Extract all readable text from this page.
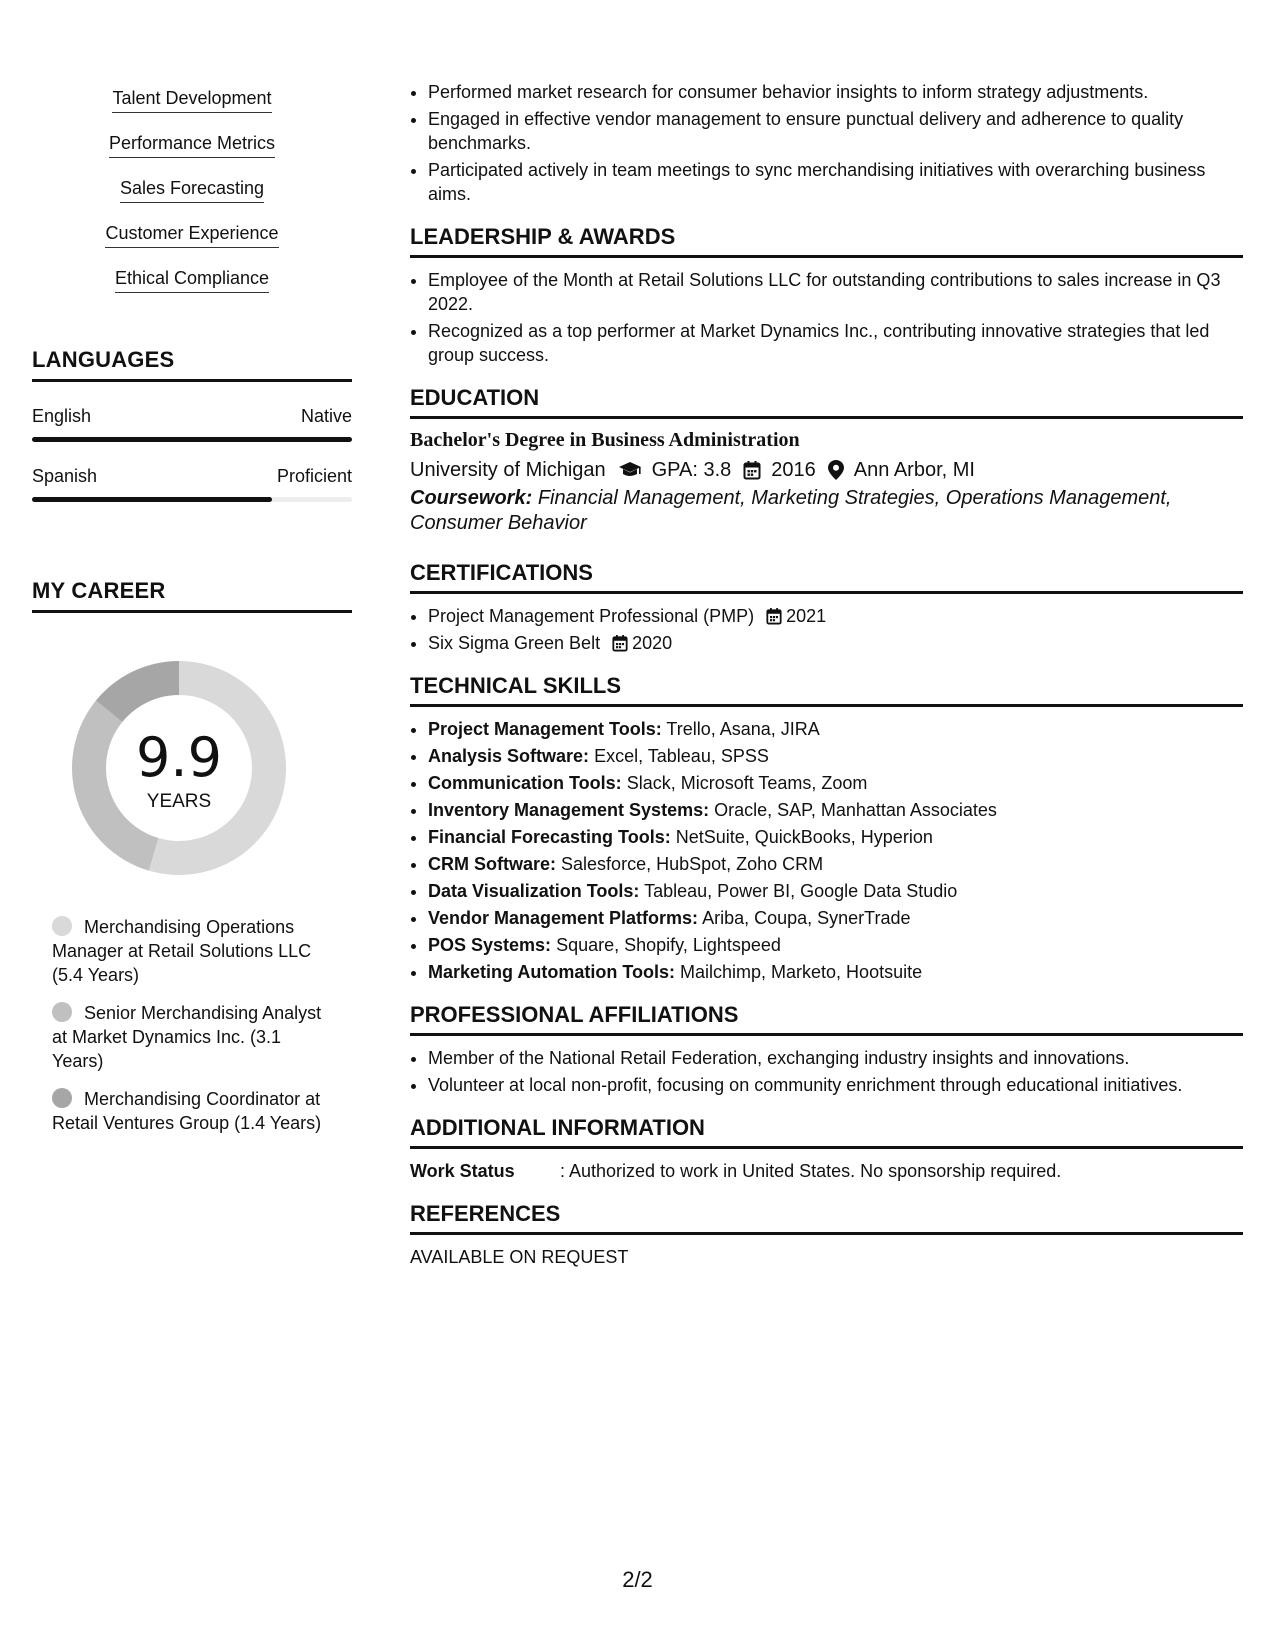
Talent Development
Performance Metrics
Sales Forecasting
Customer Experience
Ethical Compliance
LANGUAGES
English	Native
Spanish	Proficient
MY CAREER
9.9
YEARS
Merchandising Operations Manager at Retail Solutions LLC (5.4 Years)
Senior Merchandising Analyst at Market Dynamics Inc. (3.1 Years)
Merchandising Coordinator at Retail Ventures Group (1.4 Years)
• Performed market research for consumer behavior insights to inform strategy adjustments.
• Engaged in effective vendor management to ensure punctual delivery and adherence to quality benchmarks.
• Participated actively in team meetings to sync merchandising initiatives with overarching business aims.
LEADERSHIP & AWARDS
• Employee of the Month at Retail Solutions LLC for outstanding contributions to sales increase in Q3 2022.
• Recognized as a top performer at Market Dynamics Inc., contributing innovative strategies that led group success.
EDUCATION
Bachelor's Degree in Business Administration
University of Michigan GPA: 3.8 2016 Ann Arbor, MI
Coursework: Financial Management, Marketing Strategies, Operations Management, Consumer Behavior
CERTIFICATIONS
• Project Management Professional (PMP) 2021
• Six Sigma Green Belt 2020
TECHNICAL SKILLS
• Project Management Tools: Trello, Asana, JIRA
• Analysis Software: Excel, Tableau, SPSS
• Communication Tools: Slack, Microsoft Teams, Zoom
• Inventory Management Systems: Oracle, SAP, Manhattan Associates
• Financial Forecasting Tools: NetSuite, QuickBooks, Hyperion
• CRM Software: Salesforce, HubSpot, Zoho CRM
• Data Visualization Tools: Tableau, Power BI, Google Data Studio
• Vendor Management Platforms: Ariba, Coupa, SynerTrade
• POS Systems: Square, Shopify, Lightspeed
• Marketing Automation Tools: Mailchimp, Marketo, Hootsuite
PROFESSIONAL AFFILIATIONS
• Member of the National Retail Federation, exchanging industry insights and innovations.
• Volunteer at local non-profit, focusing on community enrichment through educational initiatives.
ADDITIONAL INFORMATION
Work Status	: Authorized to work in United States. No sponsorship required.
REFERENCES
AVAILABLE ON REQUEST
2/2
